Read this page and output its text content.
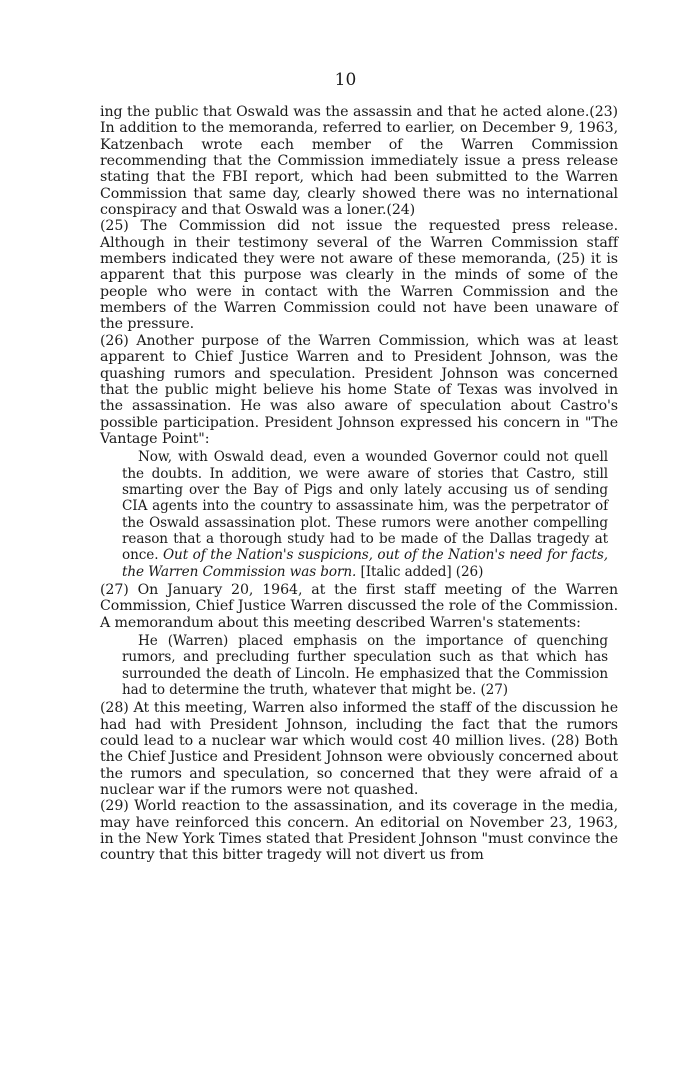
10

ing the public that Oswald was the assassin and that he acted alone.(23) In addition to the memoranda, referred to earlier, on December 9, 1963, Katzenbach wrote each member of the Warren Commission recommending that the Commission immediately issue a press release stating that the FBI report, which had been submitted to the Warren Commission that same day, clearly showed there was no international conspiracy and that Oswald was a loner.(24)

(25) The Commission did not issue the requested press release. Although in their testimony several of the Warren Commission staff members indicated they were not aware of these memoranda, (25) it is apparent that this purpose was clearly in the minds of some of the people who were in contact with the Warren Commission and the members of the Warren Commission could not have been unaware of the pressure.

(26) Another purpose of the Warren Commission, which was at least apparent to Chief Justice Warren and to President Johnson, was the quashing rumors and speculation. President Johnson was concerned that the public might believe his home State of Texas was involved in the assassination. He was also aware of speculation about Castro's possible participation. President Johnson expressed his concern in "The Vantage Point":

Now, with Oswald dead, even a wounded Governor could not quell the doubts. In addition, we were aware of stories that Castro, still smarting over the Bay of Pigs and only lately accusing us of sending CIA agents into the country to assassinate him, was the perpetrator of the Oswald assassination plot. These rumors were another compelling reason that a thorough study had to be made of the Dallas tragedy at once. Out of the Nation's suspicions, out of the Nation's need for facts, the Warren Commission was born. [Italic added] (26)

(27) On January 20, 1964, at the first staff meeting of the Warren Commission, Chief Justice Warren discussed the role of the Commission. A memorandum about this meeting described Warren's statements:

He (Warren) placed emphasis on the importance of quenching rumors, and precluding further speculation such as that which has surrounded the death of Lincoln. He emphasized that the Commission had to determine the truth, whatever that might be. (27)

(28) At this meeting, Warren also informed the staff of the discussion he had had with President Johnson, including the fact that the rumors could lead to a nuclear war which would cost 40 million lives. (28) Both the Chief Justice and President Johnson were obviously concerned about the rumors and speculation, so concerned that they were afraid of a nuclear war if the rumors were not quashed.

(29) World reaction to the assassination, and its coverage in the media, may have reinforced this concern. An editorial on November 23, 1963, in the New York Times stated that President Johnson "must convince the country that this bitter tragedy will not divert us from
